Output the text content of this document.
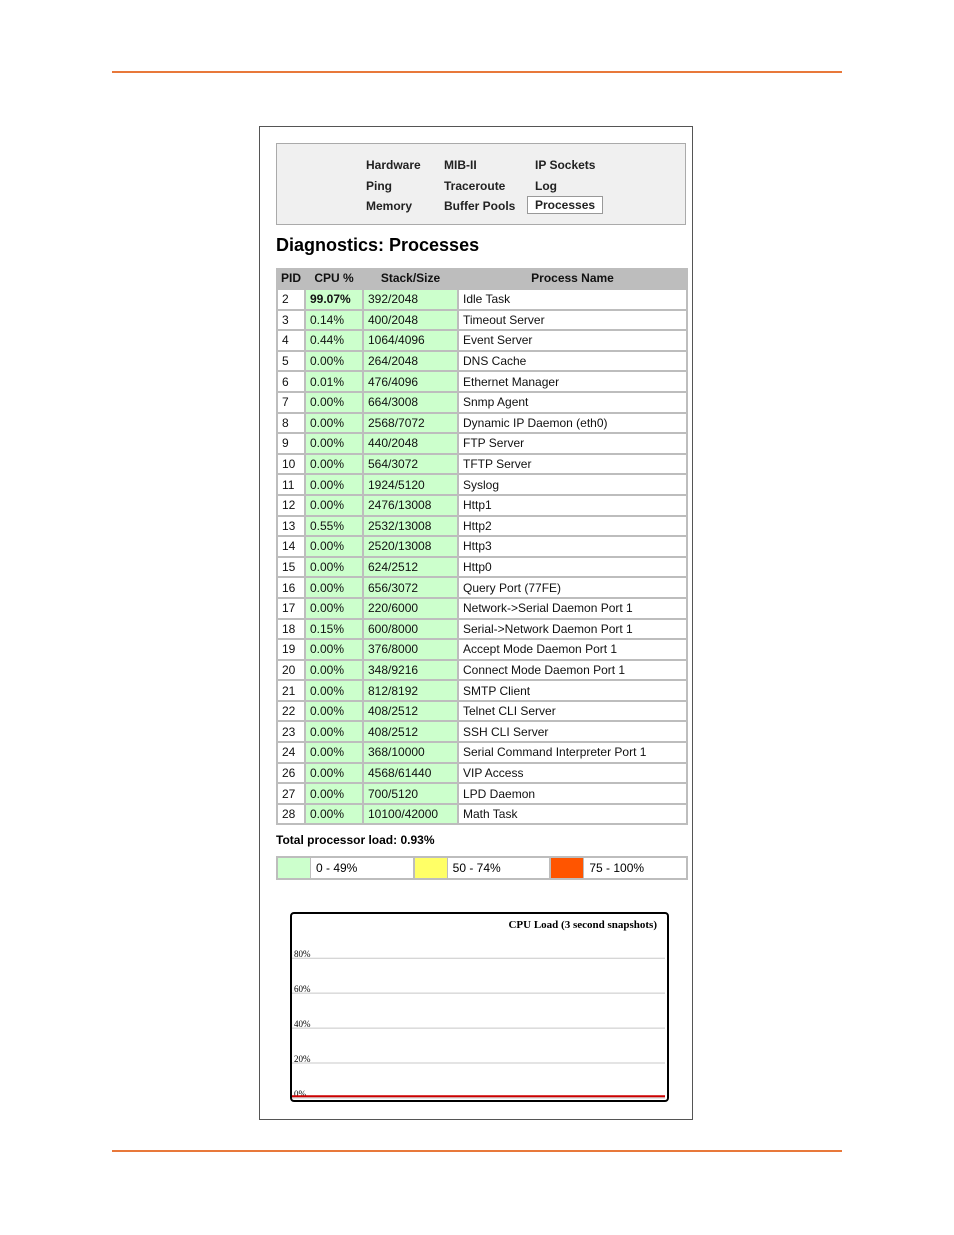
Hardware MIB-II	IP Sockets
Ping	Traceroute Log
Memory	Buffer Pools	Processes
Diagnostics: Processes
PID	CPU %	Stack/Size	Process Name
2	99.07%	392/2048	Idle Task
3	0.14%	400/2048	Timeout Server
4	0.44%	1064/4096	Event Server
5	0.00%	264/2048	DNS Cache
6	0.01%	476/4096	Ethernet Manager
7	0.00%	664/3008	Snmp Agent
8	0.00%	2568/7072	Dynamic IP Daemon (eth0)
9	0.00%	440/2048	FTP Server
10	0.00%	564/3072	TFTP Server
11	0.00%	1924/5120	Syslog
12	0.00%	2476/13008	Http1
13	0.55%	2532/13008	Http2
14	0.00%	2520/13008	Http3
15	0.00%	624/2512	Http0
16	0.00%	656/3072	Query Port (77FE)
17	0.00%	220/6000	Network->Serial Daemon Port 1
18	0.15%	600/8000	Serial->Network Daemon Port 1
19	0.00%	376/8000	Accept Mode Daemon Port 1
20	0.00%	348/9216	Connect Mode Daemon Port 1
21	0.00%	812/8192	SMTP Client
22	0.00%	408/2512	Telnet CLI Server
23	0.00%	408/2512	SSH CLI Server
24	0.00%	368/10000	Serial Command Interpreter Port 1
26	0.00%	4568/61440	VIP Access
27	0.00%	700/5120	LPD Daemon
28	0.00%	10100/42000	Math Task
Total processor load: 0.93%
0 - 49%	50 - 74%	75 - 100%
CPU Load (3 second snapshots)
80%
60%
40%
20%
0%
